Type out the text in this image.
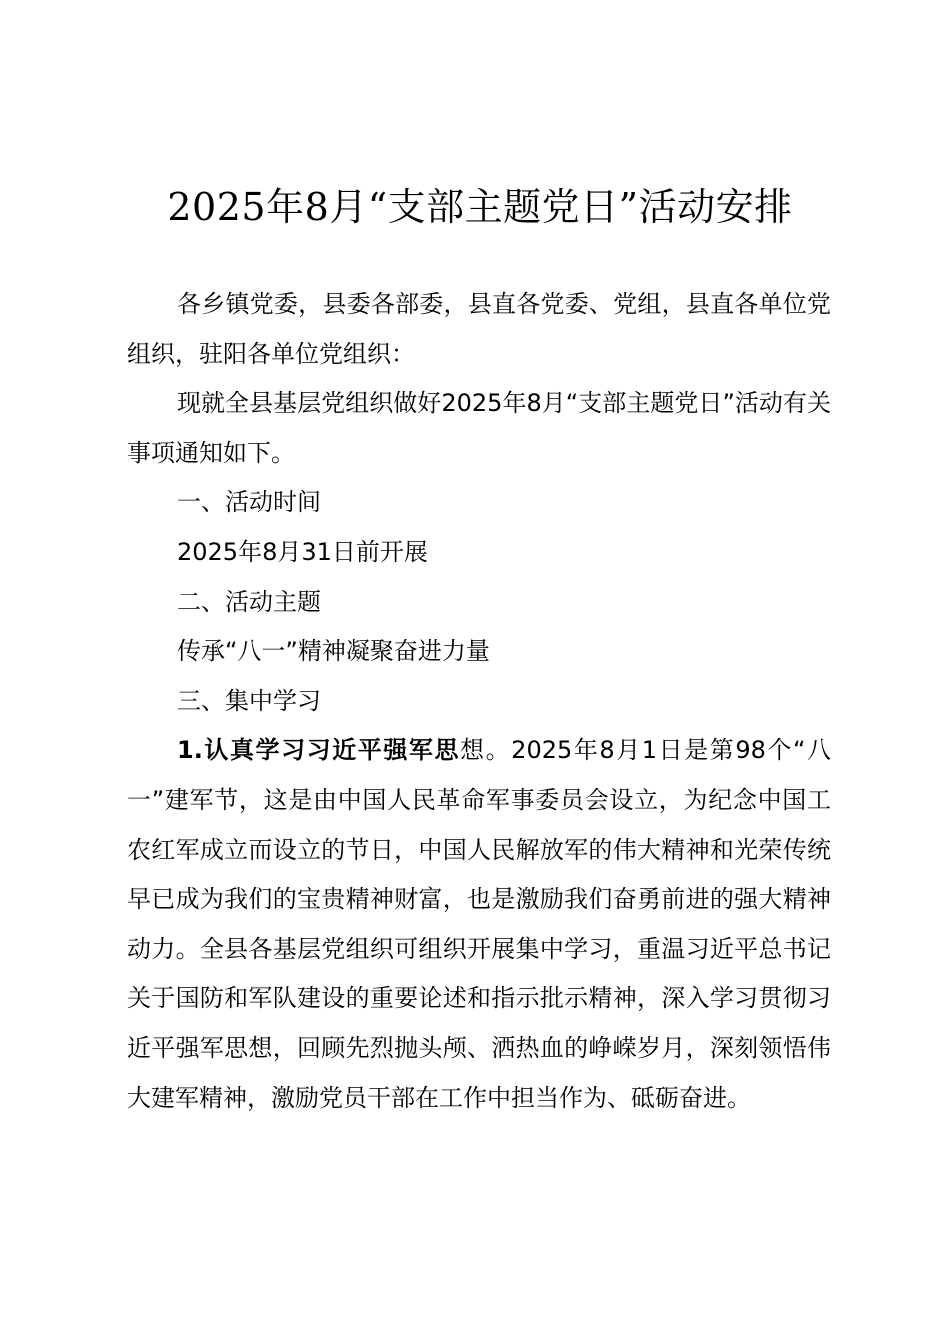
2025年8月“支部主题党日”活动安排

各乡镇党委，县委各部委，县直各党委、党组，县直各单位党组织，驻阳各单位党组织：

现就全县基层党组织做好2025年8月“支部主题党日”活动有关事项通知如下。

一、活动时间

2025年8月31日前开展

二、活动主题

传承“八一”精神凝聚奋进力量

三、集中学习

1.认真学习习近平强军思想。2025年8月1日是第98个“八一”建军节，这是由中国人民革命军事委员会设立，为纪念中国工农红军成立而设立的节日，中国人民解放军的伟大精神和光荣传统早已成为我们的宝贵精神财富，也是激励我们奋勇前进的强大精神动力。全县各基层党组织可组织开展集中学习，重温习近平总书记关于国防和军队建设的重要论述和指示批示精神，深入学习贯彻习近平强军思想，回顾先烈抛头颅、洒热血的峥嵘岁月，深刻领悟伟大建军精神，激励党员干部在工作中担当作为、砥砺奋进。
